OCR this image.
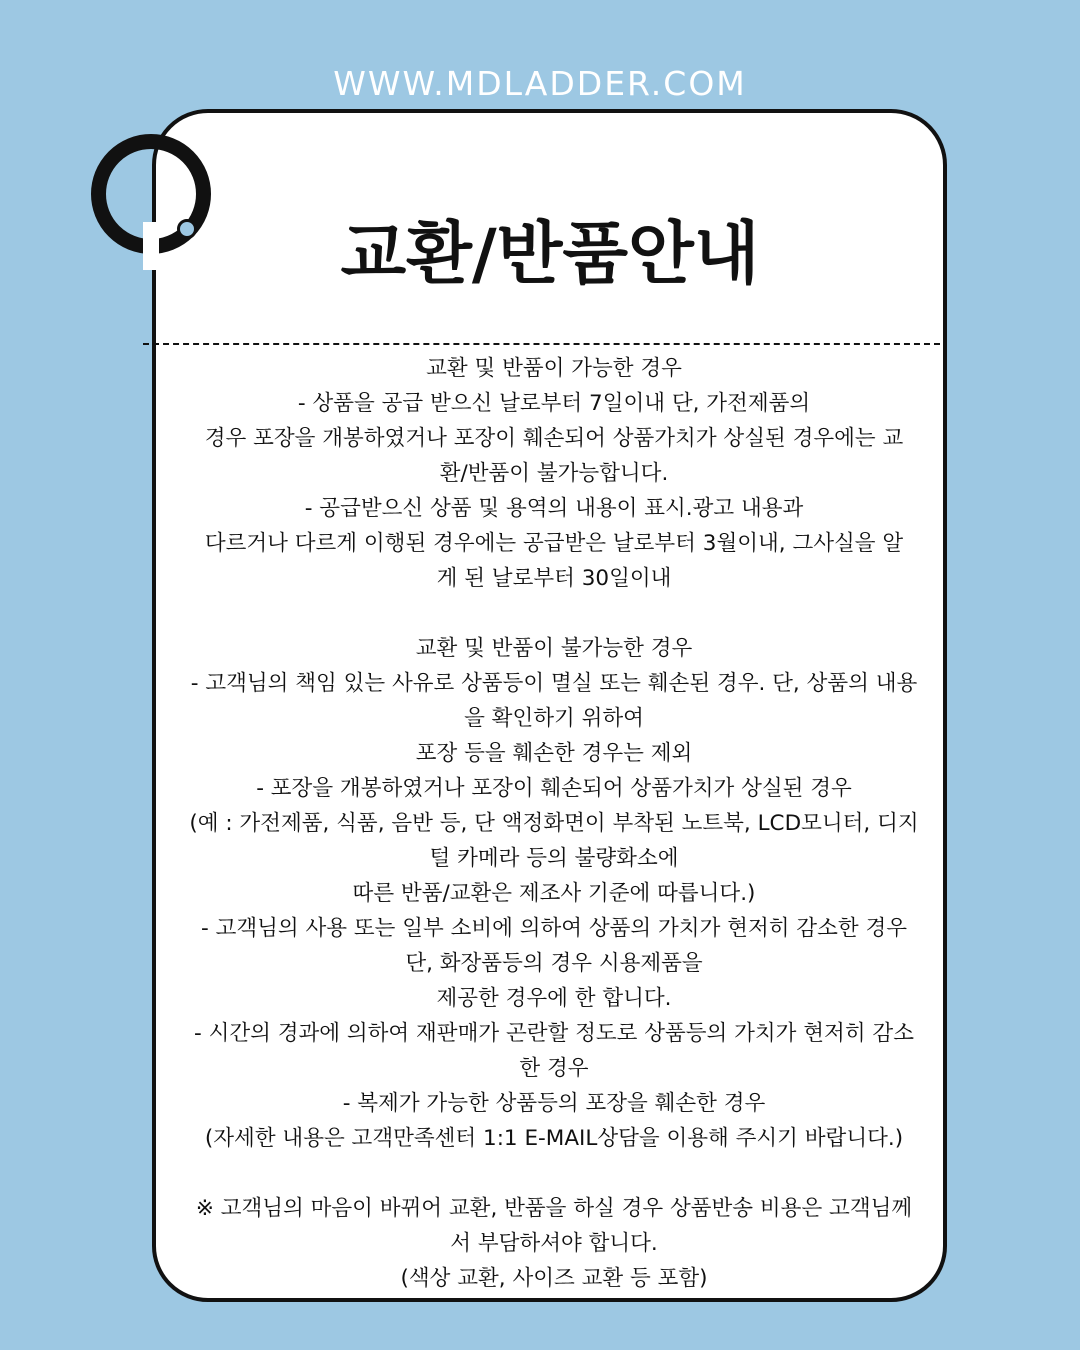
WWW.MDLADDER.COM
교환/반품안내
교환 및 반품이 가능한 경우
- 상품을 공급 받으신 날로부터 7일이내 단, 가전제품의
경우 포장을 개봉하였거나 포장이 훼손되어 상품가치가 상실된 경우에는 교
환/반품이 불가능합니다.
- 공급받으신 상품 및 용역의 내용이 표시.광고 내용과
다르거나 다르게 이행된 경우에는 공급받은 날로부터 3월이내, 그사실을 알
게 된 날로부터 30일이내
교환 및 반품이 불가능한 경우
- 고객님의 책임 있는 사유로 상품등이 멸실 또는 훼손된 경우. 단, 상품의 내용
을 확인하기 위하여
포장 등을 훼손한 경우는 제외
- 포장을 개봉하였거나 포장이 훼손되어 상품가치가 상실된 경우
(예 : 가전제품, 식품, 음반 등, 단 액정화면이 부착된 노트북, LCD모니터, 디지
털 카메라 등의 불량화소에
따른 반품/교환은 제조사 기준에 따릅니다.)
- 고객님의 사용 또는 일부 소비에 의하여 상품의 가치가 현저히 감소한 경우
단, 화장품등의 경우 시용제품을
제공한 경우에 한 합니다.
- 시간의 경과에 의하여 재판매가 곤란할 정도로 상품등의 가치가 현저히 감소
한 경우
- 복제가 가능한 상품등의 포장을 훼손한 경우
(자세한 내용은 고객만족센터 1:1 E-MAIL상담을 이용해 주시기 바랍니다.)
※ 고객님의 마음이 바뀌어 교환, 반품을 하실 경우 상품반송 비용은 고객님께
서 부담하셔야 합니다.
(색상 교환, 사이즈 교환 등 포함)
